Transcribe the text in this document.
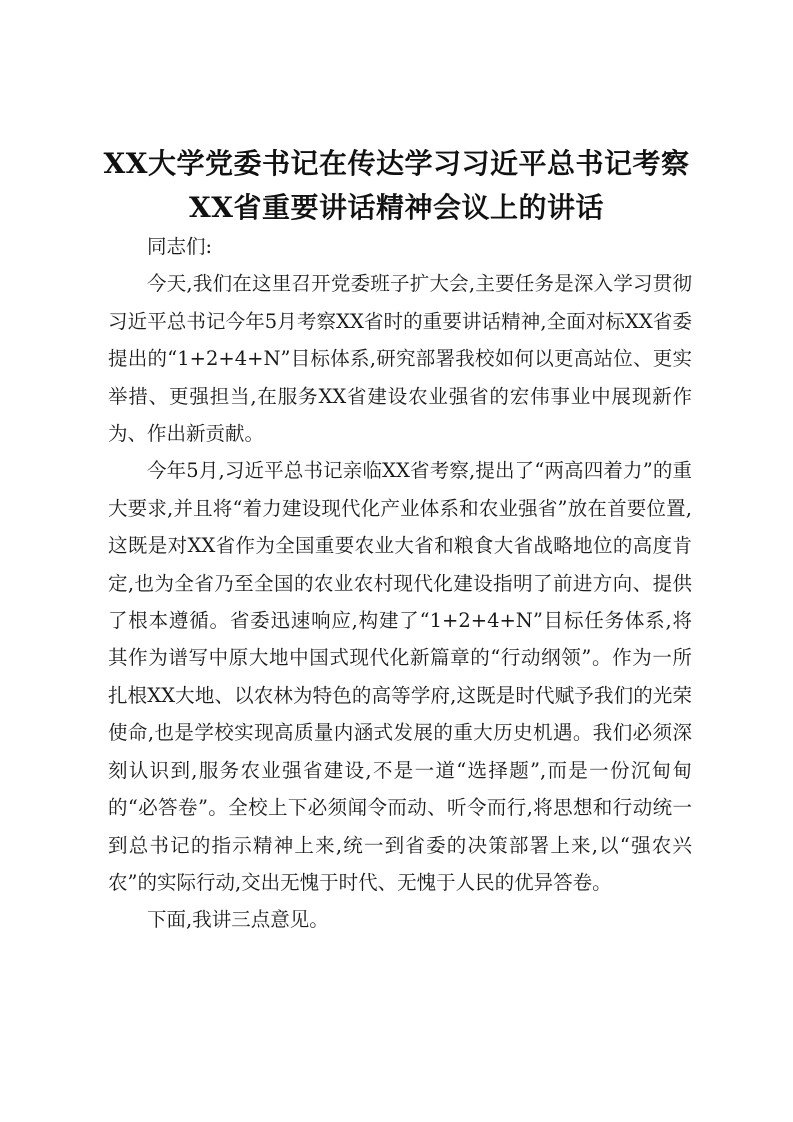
XX大学党委书记在传达学习习近平总书记考察XX省重要讲话精神会议上的讲话

同志们:

今天,我们在这里召开党委班子扩大会,主要任务是深入学习贯彻习近平总书记今年5月考察XX省时的重要讲话精神,全面对标XX省委提出的“1+2+4+N”目标体系,研究部署我校如何以更高站位、更实举措、更强担当,在服务XX省建设农业强省的宏伟事业中展现新作为、作出新贡献。

今年5月,习近平总书记亲临XX省考察,提出了“两高四着力”的重大要求,并且将“着力建设现代化产业体系和农业强省”放在首要位置,这既是对XX省作为全国重要农业大省和粮食大省战略地位的高度肯定,也为全省乃至全国的农业农村现代化建设指明了前进方向、提供了根本遵循。省委迅速响应,构建了“1+2+4+N”目标任务体系,将其作为谱写中原大地中国式现代化新篇章的“行动纲领”。作为一所扎根XX大地、以农林为特色的高等学府,这既是时代赋予我们的光荣使命,也是学校实现高质量内涵式发展的重大历史机遇。我们必须深刻认识到,服务农业强省建设,不是一道“选择题”,而是一份沉甸甸的“必答卷”。全校上下必须闻令而动、听令而行,将思想和行动统一到总书记的指示精神上来,统一到省委的决策部署上来,以“强农兴农”的实际行动,交出无愧于时代、无愧于人民的优异答卷。

下面,我讲三点意见。
